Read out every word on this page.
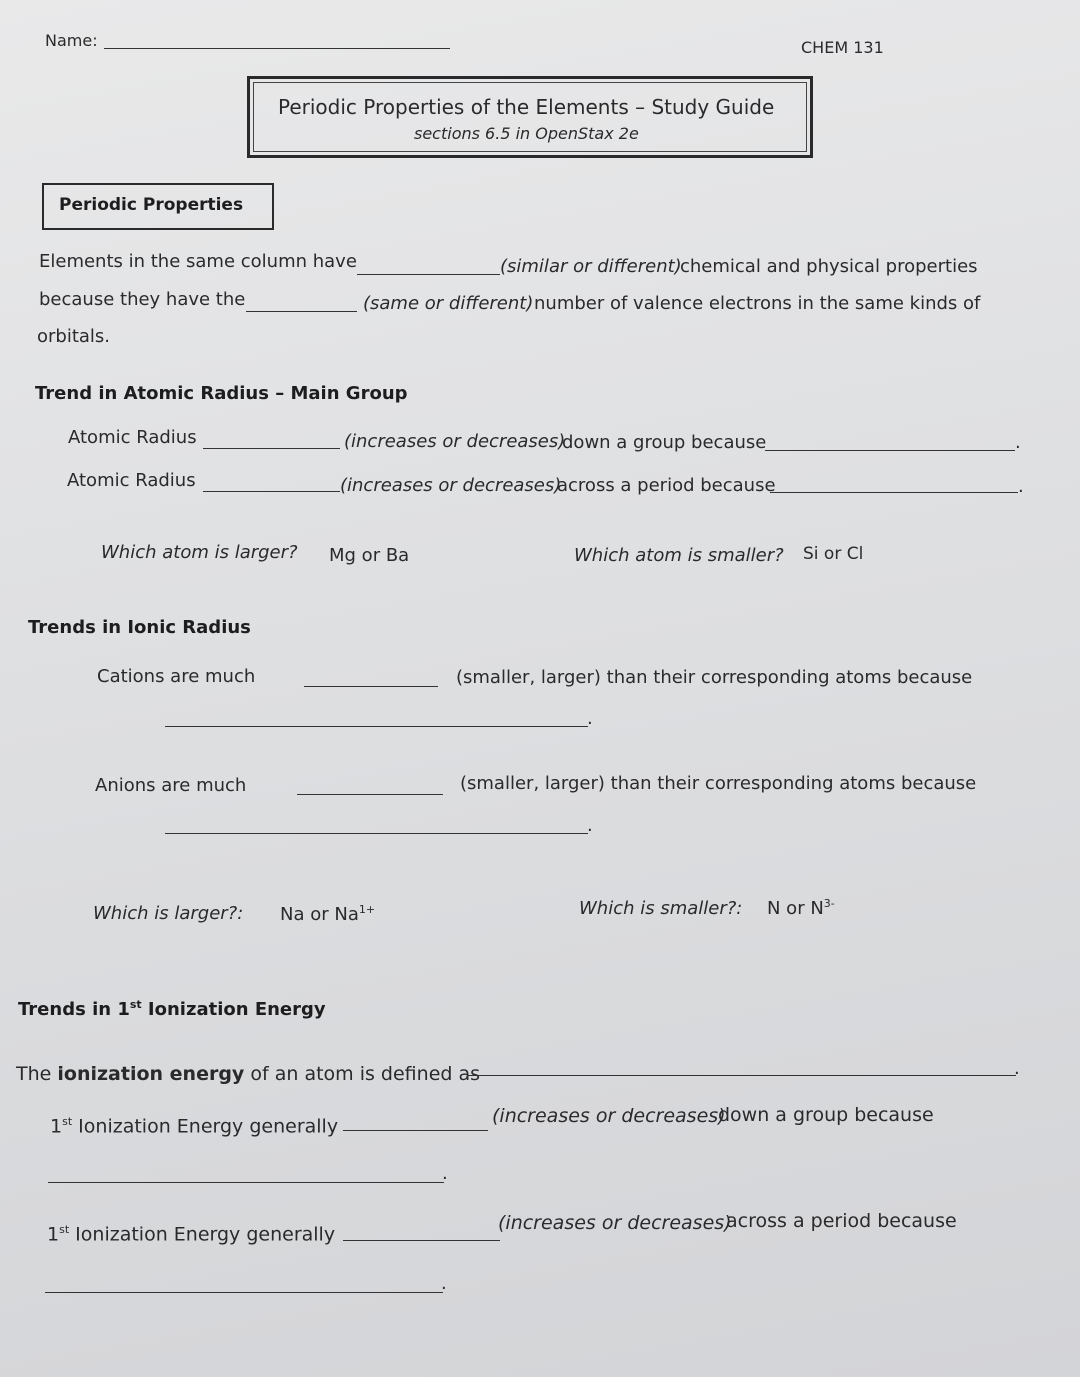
Name:	CHEM 131
Periodic Properties of the Elements – Study Guide
sections 6.5 in OpenStax 2e
Periodic Properties
Elements in the same column have	(similar or different)
chemical and physical properties
because they have the	(same or different) number of valence electrons in the same kinds of
orbitals.
Trend in Atomic Radius – Main Group
Atomic Radius	(increases or decreases)
down a group because	.
Atomic Radius	(increases or decreases)
across a period because	.
Which atom is larger? Mg or Ba	Which atom is smaller? Si or Cl
Trends in Ionic Radius
Cations are much	(smaller, larger) than their corresponding atoms because
.
Anions are much	(smaller, larger) than their corresponding atoms because
.
Which is larger?: Na or $Na^{1+}$	Which is smaller?: N or $N^{3-}$
Trends in 1st Ionization Energy
The ionization energy of an atom is defined as	.
1st Ionization Energy generally	(increases or decreases)
down a group because
.
1st Ionization Energy generally
(increases or decreases)
across a period because
.
